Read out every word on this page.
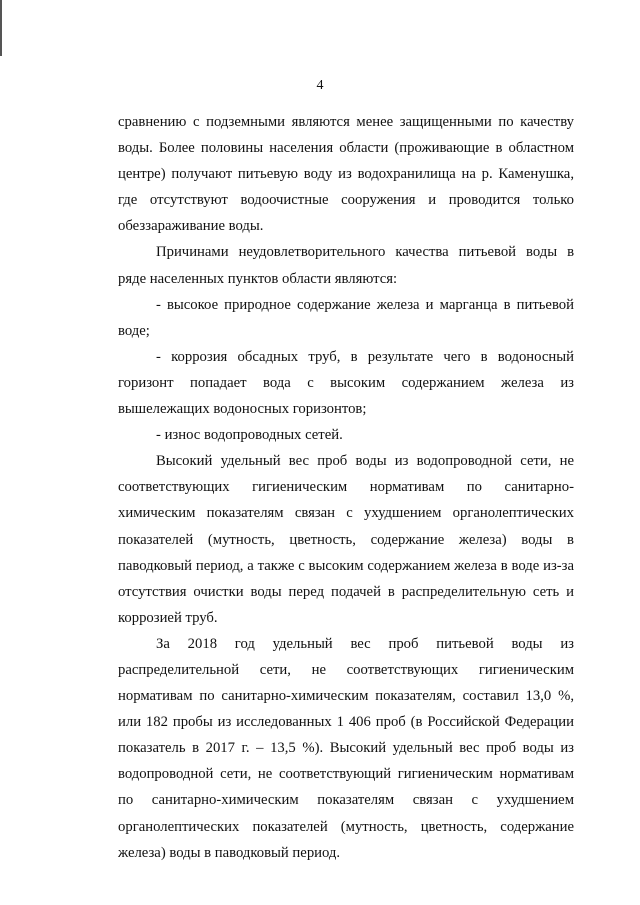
4

сравнению с подземными являются менее защищенными по качеству воды. Более половины населения области (проживающие в областном центре) получают питьевую воду из водохранилища на р. Каменушка, где отсутствуют водоочистные сооружения и проводится только обеззараживание воды.

Причинами неудовлетворительного качества питьевой воды в ряде населенных пунктов области являются:

- высокое природное содержание железа и марганца в питьевой воде;

- коррозия обсадных труб, в результате чего в водоносный горизонт попадает вода с высоким содержанием железа из вышележащих водоносных горизонтов;

- износ водопроводных сетей.

Высокий удельный вес проб воды из водопроводной сети, не соответствующих гигиеническим нормативам по санитарно-химическим показателям связан с ухудшением органолептических показателей (мутность, цветность, содержание железа) воды в паводковый период, а также с высоким содержанием железа в воде из-за отсутствия очистки воды перед подачей в распределительную сеть и коррозией труб.

За 2018 год удельный вес проб питьевой воды из распределительной сети, не соответствующих гигиеническим нормативам по санитарно-химическим показателям, составил 13,0 %, или 182 пробы из исследованных 1 406 проб (в Российской Федерации показатель в 2017 г. – 13,5 %). Высокий удельный вес проб воды из водопроводной сети, не соответствующий гигиеническим нормативам по санитарно-химическим показателям связан с ухудшением органолептических показателей (мутность, цветность, содержание железа) воды в паводковый период.
